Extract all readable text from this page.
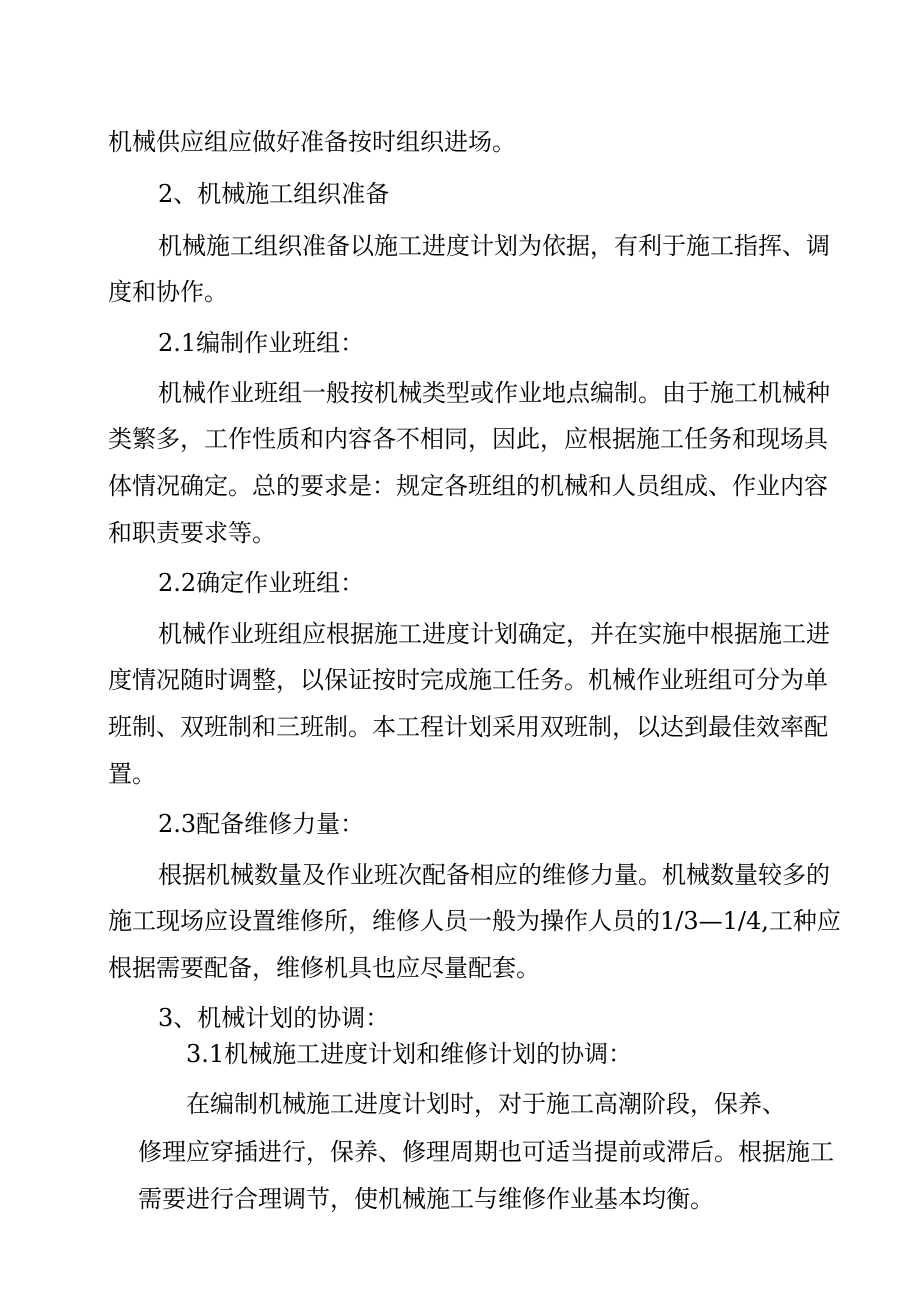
机械供应组应做好准备按时组织进场。

2、机械施工组织准备

机械施工组织准备以施工进度计划为依据，有利于施工指挥、调

度和协作。

2.1编制作业班组：

机械作业班组一般按机械类型或作业地点编制。由于施工机械种

类繁多，工作性质和内容各不相同，因此，应根据施工任务和现场具

体情况确定。总的要求是：规定各班组的机械和人员组成、作业内容

和职责要求等。

2.2确定作业班组：

机械作业班组应根据施工进度计划确定，并在实施中根据施工进

度情况随时调整，以保证按时完成施工任务。机械作业班组可分为单

班制、双班制和三班制。本工程计划采用双班制，以达到最佳效率配

置。

2.3配备维修力量：

根据机械数量及作业班次配备相应的维修力量。机械数量较多的

施工现场应设置维修所，维修人员一般为操作人员的1/3—1/4,工种应

根据需要配备，维修机具也应尽量配套。

3、机械计划的协调：

3.1机械施工进度计划和维修计划的协调：

在编制机械施工进度计划时，对于施工高潮阶段，保养、

修理应穿插进行，保养、修理周期也可适当提前或滞后。根据施工

需要进行合理调节，使机械施工与维修作业基本均衡。
